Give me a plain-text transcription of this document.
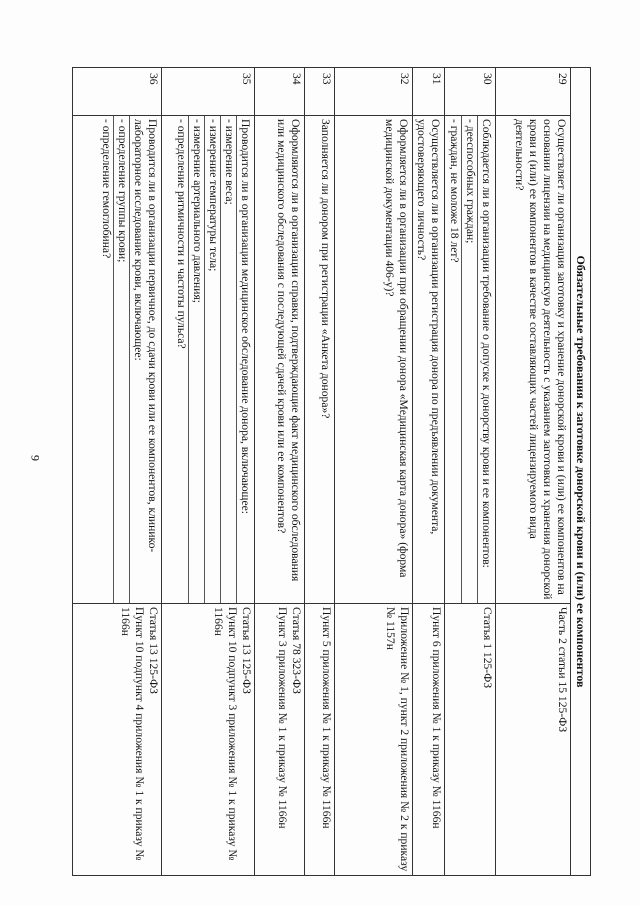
9	Обязательные требования к заготовке донорской крови и (или) ее компонентов		
29	Осуществляет ли организация заготовку и хранение донорской крови и (или) ее компонентов на основании лицензии на медицинскую деятельность с указанием заготовки и хранения донорской крови и (или) ее компонентов в качестве составляющих частей лицензируемого вида деятельности?	Часть 2 статьи 15 125-ФЗ
30	Соблюдается ли в организации требование о допуске к донорству крови и ее компонентов:
- дееспособных граждан;
- граждан, не моложе 18 лет?	Статья 1 125-ФЗ
31	Осуществляется ли в организации регистрация донора по предъявлении документа, удостоверяющего личность?	Пункт 6 приложения № 1 к приказу № 1166н
32	Оформляется ли в организации при обращении донора «Медицинская карта донора» (форма медицинской документации 406-у)?	Приложение № 1, пункт 2 приложения № 2 к приказу № 1157н
33	Заполняется ли донором при регистрации «Анкета донора»?	Пункт 5 приложения № 1 к приказу № 1166н
34	Оформляются ли в организации справки, подтверждающие факт медицинского обследования или медицинского обследования с последующей сдачей крови или ее компонентов?	Статья 78 323-ФЗ
Пункт 3 приложения № 1 к приказу № 1166н
35	Проводится ли в организации медицинское обследование донора, включающее:
- измерение веса;
- измерение температуры тела;
- измерение артериального давления;
- определение ритмичности и частоты пульса?	Статья 13 125-ФЗ
Пункт 10 подпункт 3 приложения № 1 к приказу № 1166н
36	Проводится ли в организации первичное, до сдачи крови или ее компонентов, клинико-лабораторное исследование крови, включающее:
- определение группы крови;
- определение гемоглобина?	Статья 13 125-ФЗ
Пункт 10 подпункт 4 приложения № 1 к приказу № 1166н
